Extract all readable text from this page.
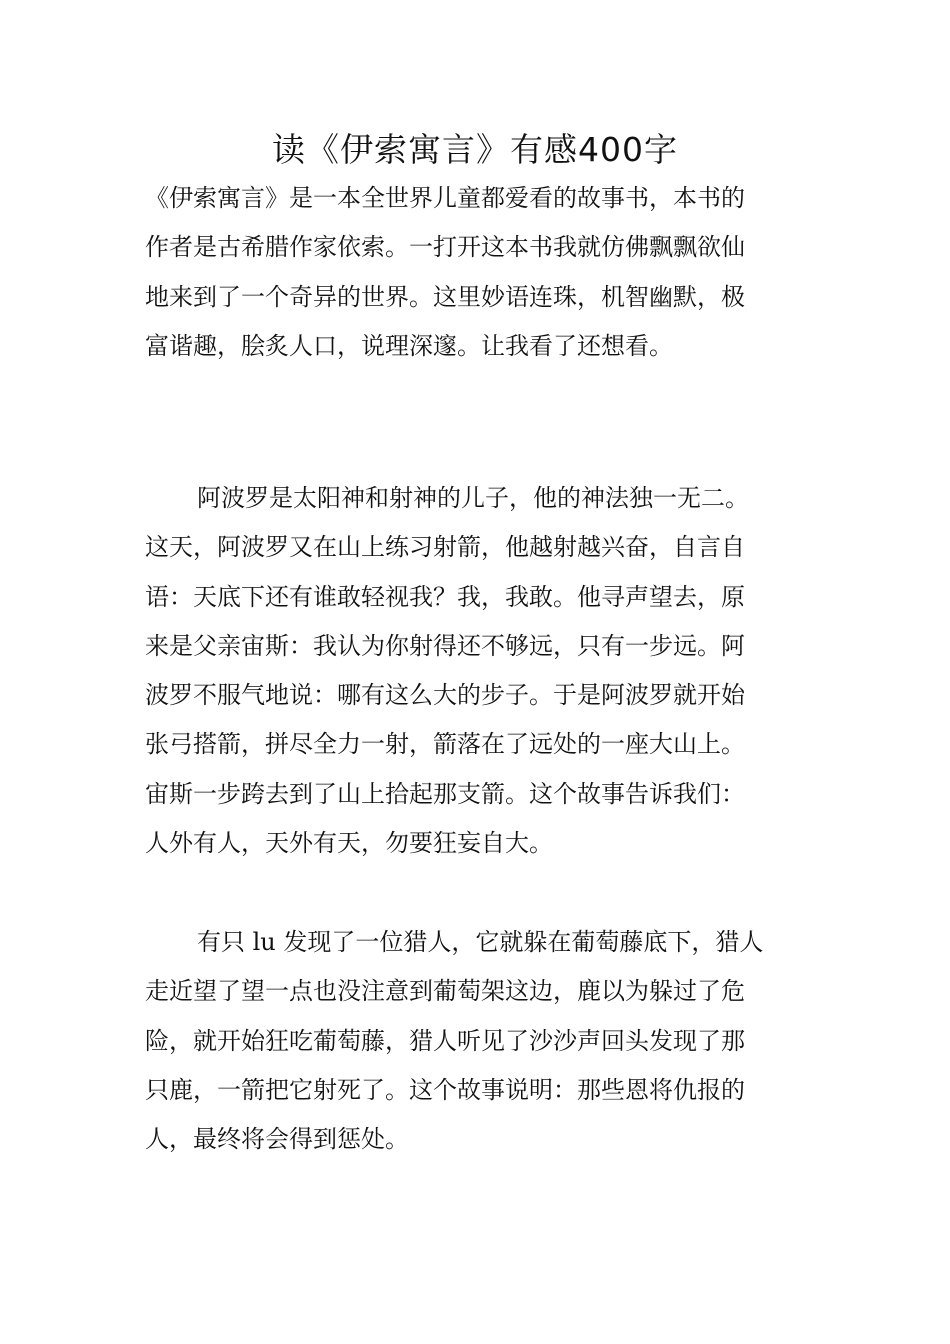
读《伊索寓言》有感400字

《伊索寓言》是一本全世界儿童都爱看的故事书，本书的
作者是古希腊作家依索。一打开这本书我就仿佛飘飘欲仙
地来到了一个奇异的世界。这里妙语连珠，机智幽默，极
富谐趣，脍炙人口，说理深邃。让我看了还想看。

阿波罗是太阳神和射神的儿子，他的神法独一无二。
这天，阿波罗又在山上练习射箭，他越射越兴奋，自言自
语：天底下还有谁敢轻视我？我，我敢。他寻声望去，原
来是父亲宙斯：我认为你射得还不够远，只有一步远。阿
波罗不服气地说：哪有这么大的步子。于是阿波罗就开始
张弓搭箭，拼尽全力一射，箭落在了远处的一座大山上。
宙斯一步跨去到了山上拾起那支箭。这个故事告诉我们：
人外有人，天外有天，勿要狂妄自大。

有只 lu 发现了一位猎人，它就躲在葡萄藤底下，猎人
走近望了望一点也没注意到葡萄架这边，鹿以为躲过了危
险，就开始狂吃葡萄藤，猎人听见了沙沙声回头发现了那
只鹿，一箭把它射死了。这个故事说明：那些恩将仇报的
人，最终将会得到惩处。
